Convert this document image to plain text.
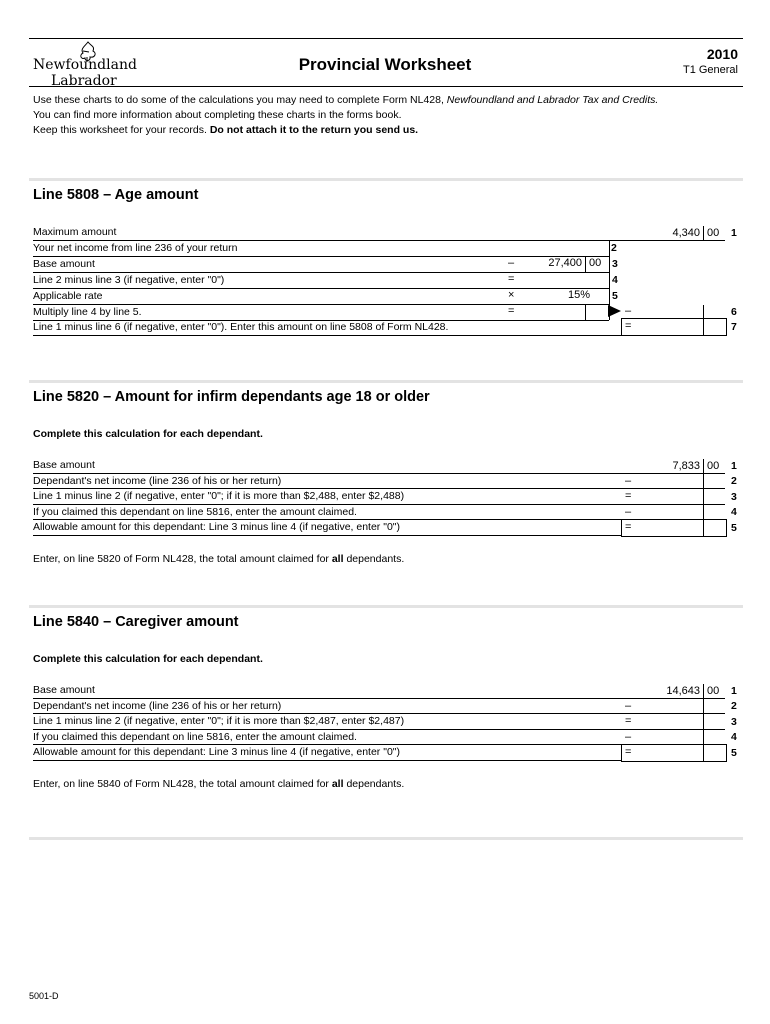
Newfoundland
Labrador
Provincial Worksheet
2010
T1 General
Use these charts to do some of the calculations you may need to complete Form NL428, Newfoundland and Labrador Tax and Credits.
You can find more information about completing these charts in the forms book.
Keep this worksheet for your records. Do not attach it to the return you send us.
Line 5808 – Age amount
Maximum amount
Your net income from line 236 of your return
Base amount
Line 2 minus line 3 (if negative, enter "0")
Applicable rate
Multiply line 4 by line 5.
Line 1 minus line 6 (if negative, enter "0"). Enter this amount on line 5808 of Form NL428.
–
=
×
=
27,400 00
15%
2
3
4
5
4,340 00 1
–	6
=	7
Line 5820 – Amount for infirm dependants age 18 or older
Complete this calculation for each dependant.
Base amount
Dependant's net income (line 236 of his or her return)
Line 1 minus line 2 (if negative, enter "0"; if it is more than $2,488, enter $2,488)
If you claimed this dependant on line 5816, enter the amount claimed.
Allowable amount for this dependant: Line 3 minus line 4 (if negative, enter "0")
7,833 00
–
=
–
=
1
2
3
4
5
Enter, on line 5820 of Form NL428, the total amount claimed for all dependants.
Line 5840 – Caregiver amount
Complete this calculation for each dependant.
Base amount
Dependant's net income (line 236 of his or her return)
Line 1 minus line 2 (if negative, enter "0"; if it is more than $2,487, enter $2,487)
If you claimed this dependant on line 5816, enter the amount claimed.
Allowable amount for this dependant: Line 3 minus line 4 (if negative, enter "0")
14,643 00
–
=
–
=
1
2
3
4
5
Enter, on line 5840 of Form NL428, the total amount claimed for all dependants.
5001-D
